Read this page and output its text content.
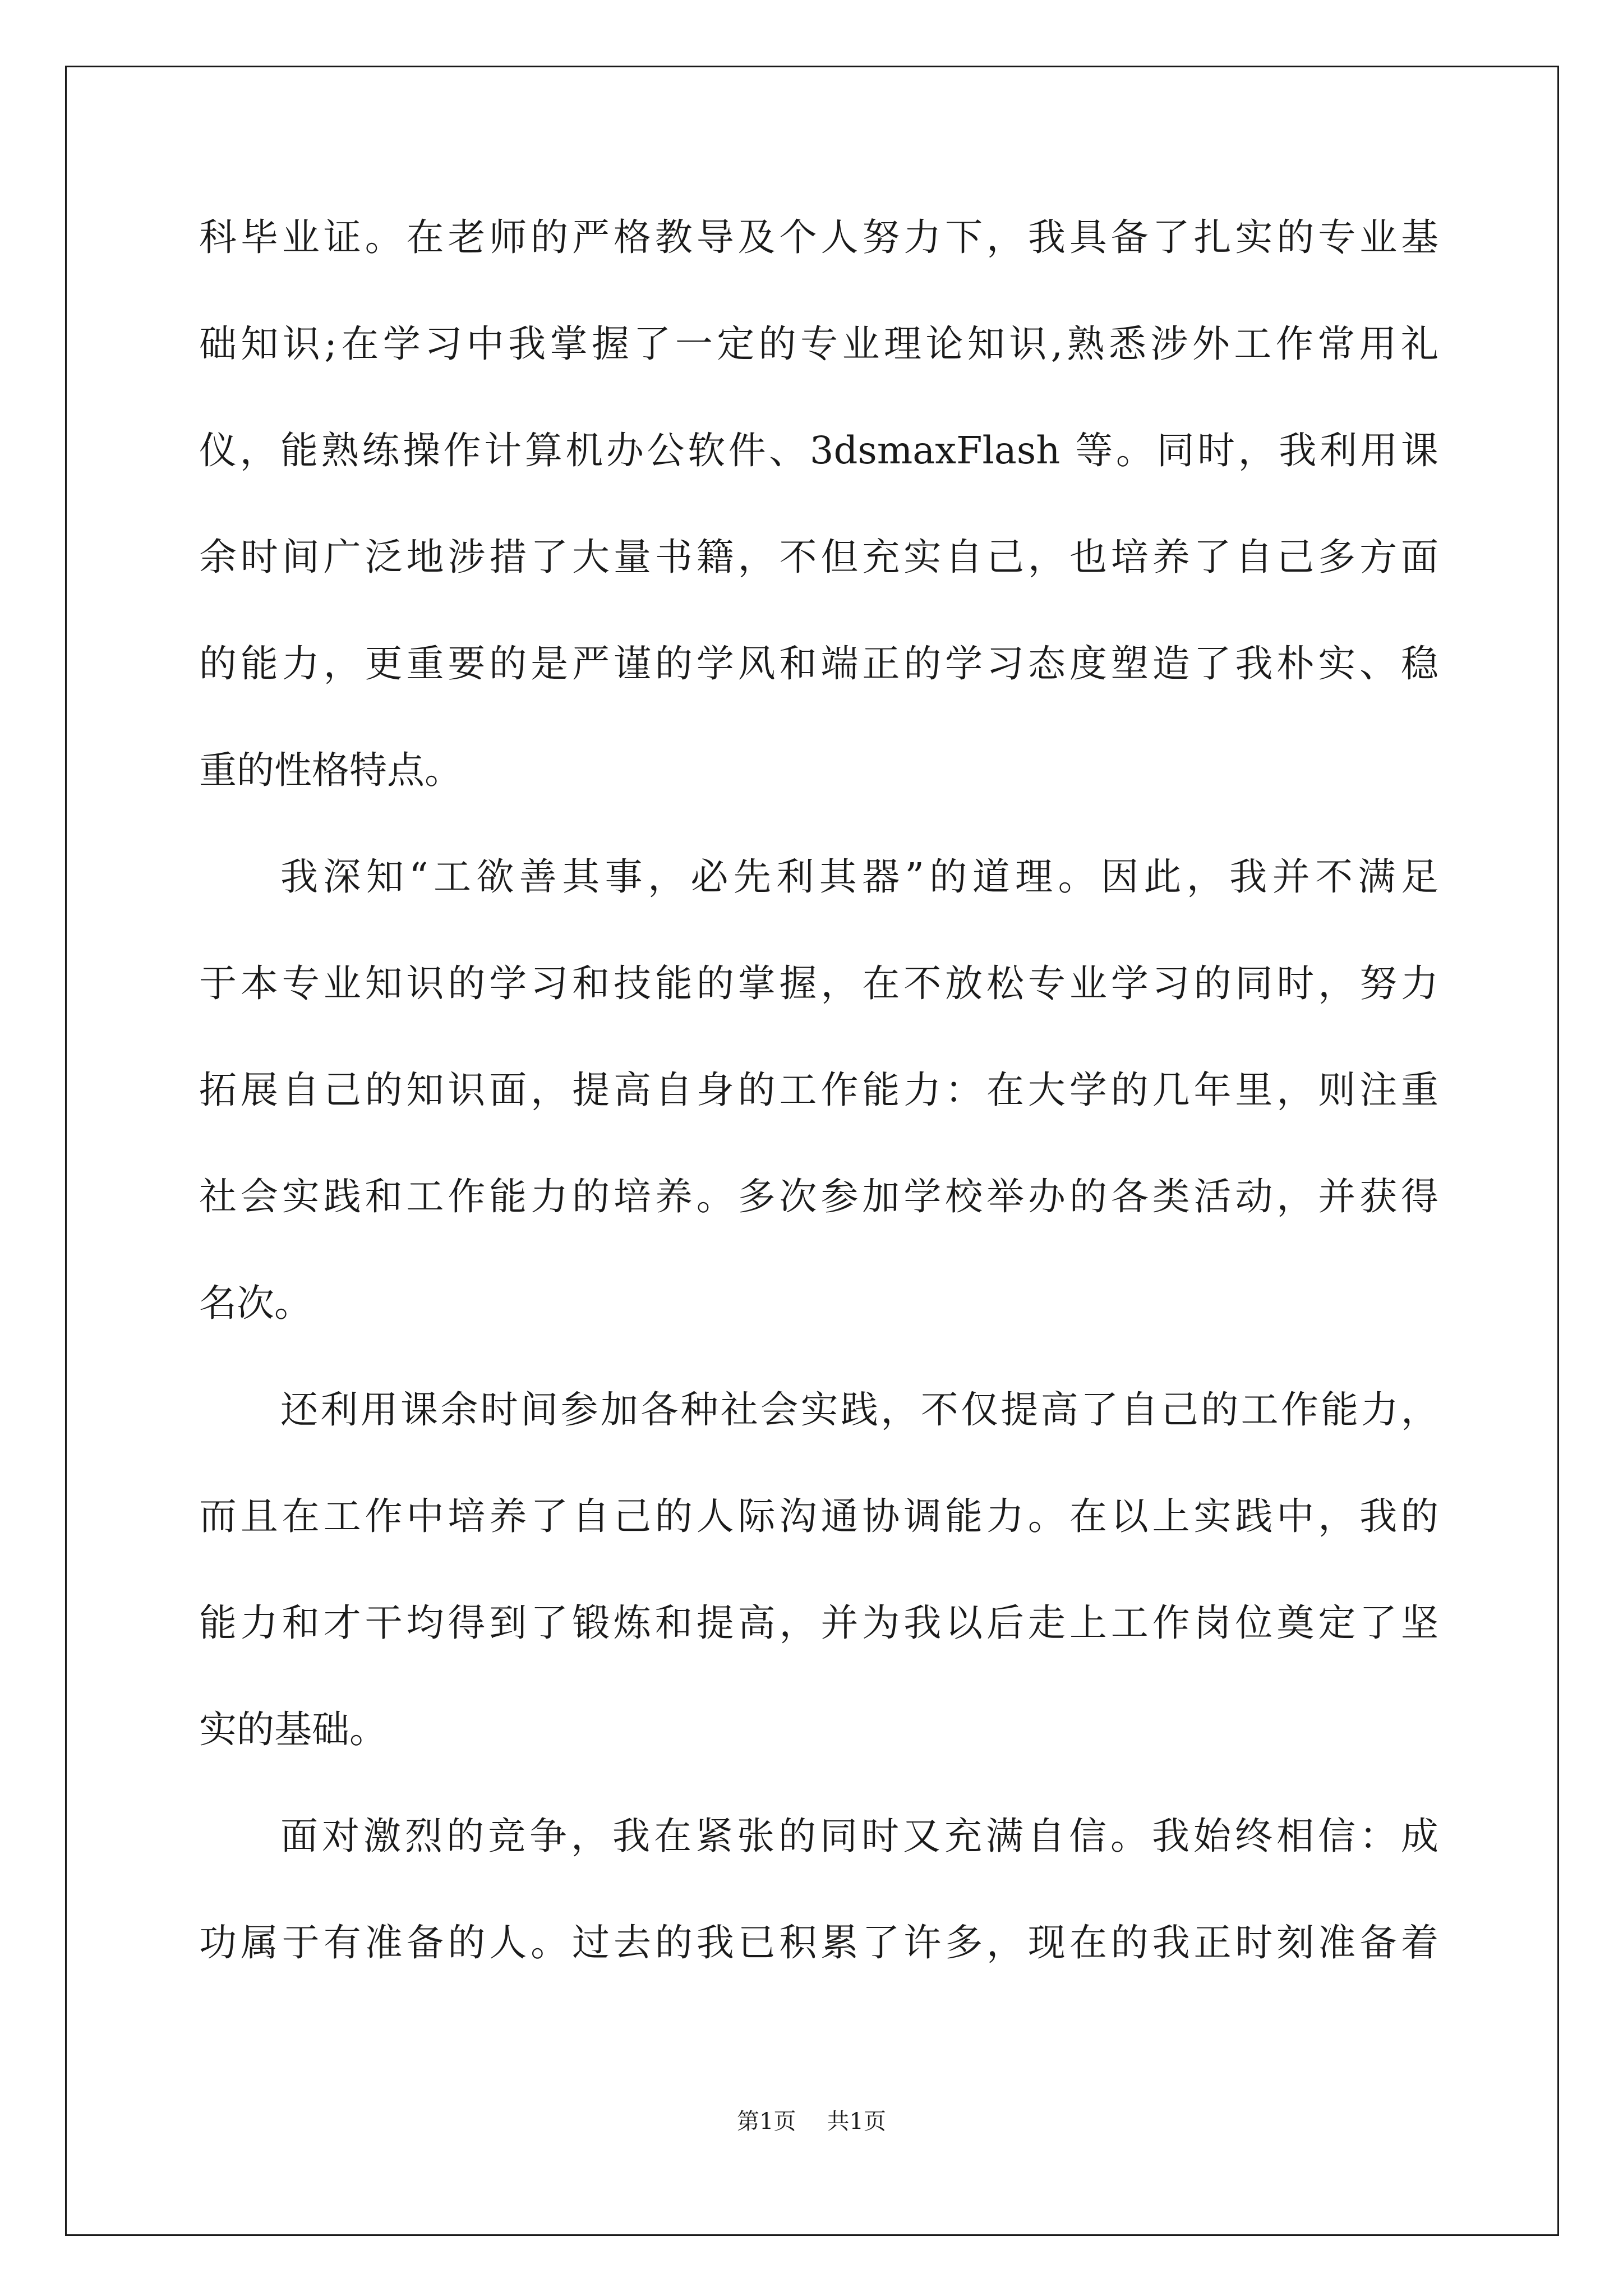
科毕业证。在老师的严格教导及个人努力下，我具备了扎实的专业基
础知识;在学习中我掌握了一定的专业理论知识,熟悉涉外工作常用礼
仪，能熟练操作计算机办公软件、3dsmaxFlash 等。同时，我利用课
余时间广泛地涉措了大量书籍，不但充实自己，也培养了自己多方面
的能力，更重要的是严谨的学风和端正的学习态度塑造了我朴实、稳
重的性格特点。
我深知“工欲善其事，必先利其器”的道理。因此，我并不满足
于本专业知识的学习和技能的掌握，在不放松专业学习的同时，努力
拓展自己的知识面，提高自身的工作能力：在大学的几年里，则注重
社会实践和工作能力的培养。多次参加学校举办的各类活动，并获得
名次。
还利用课余时间参加各种社会实践，不仅提高了自己的工作能力，
而且在工作中培养了自己的人际沟通协调能力。在以上实践中，我的
能力和才干均得到了锻炼和提高，并为我以后走上工作岗位奠定了坚
实的基础。
面对激烈的竞争，我在紧张的同时又充满自信。我始终相信：成
功属于有准备的人。过去的我已积累了许多，现在的我正时刻准备着
第1页 共1页
